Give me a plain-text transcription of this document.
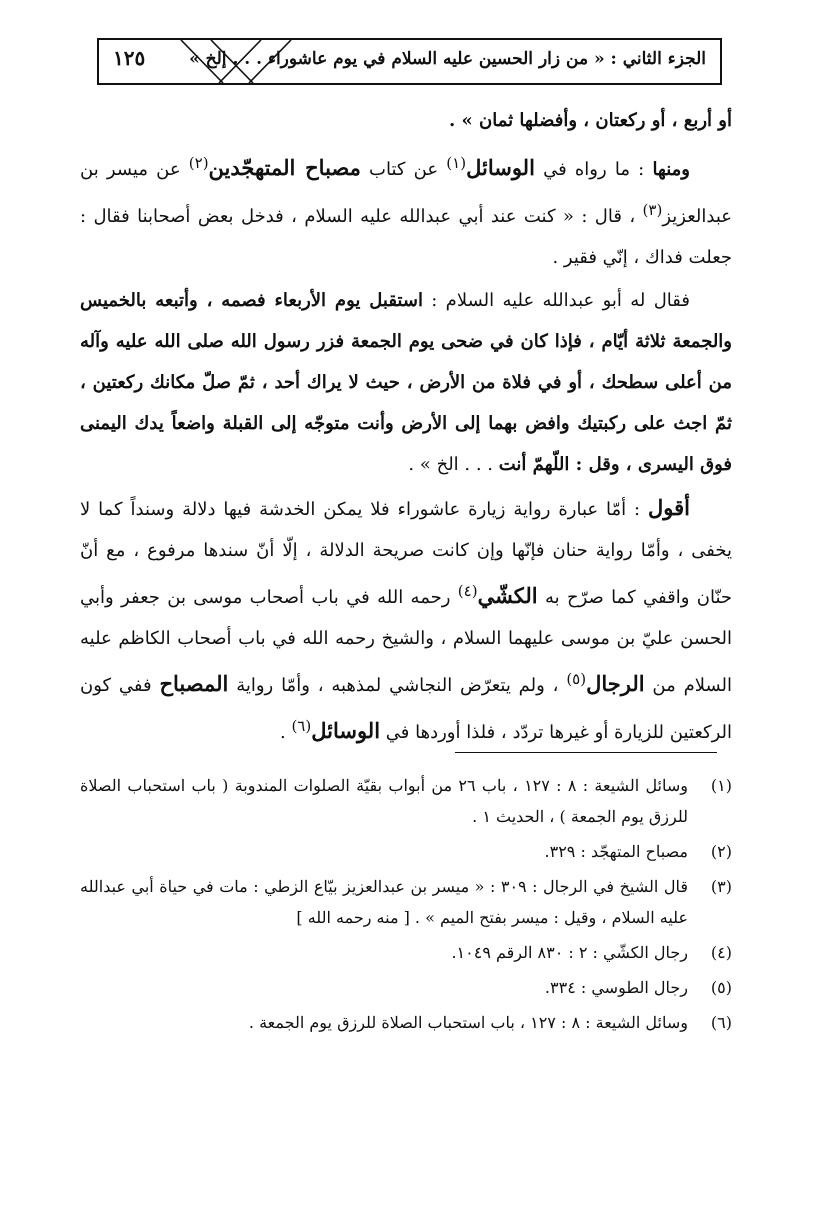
الجزء الثاني : « من زار الحسين عليه السلام في يوم عاشوراء . . . إلخ »
١٢٥

أو أربع ، أو ركعتان ، وأفضلها ثمان » .

ومنها : ما رواه في الوسائل$^{(١)}$ عن كتاب مصباح المتهجّدين$^{(٢)}$ عن ميسر بن عبدالعزيز$^{(٣)}$ ، قال : « كنت عند أبي عبدالله عليه السلام ، فدخل بعض أصحابنا فقال : جعلت فداك ، إنّي فقير .

فقال له أبو عبدالله عليه السلام : استقبل يوم الأربعاء فصمه ، وأتبعه بالخميس والجمعة ثلاثة أيّام ، فإذا كان في ضحى يوم الجمعة فزر رسول الله صلى الله عليه وآله من أعلى سطحك ، أو في فلاة من الأرض ، حيث لا يراك أحد ، ثمّ صلّ مكانك ركعتين ، ثمّ اجث على ركبتيك وافض بهما إلى الأرض وأنت متوجّه إلى القبلة واضعاً يدك اليمنى فوق اليسرى ، وقل : اللّهمّ أنت . . . الخ » .

أقول : أمّا عبارة رواية زيارة عاشوراء فلا يمكن الخدشة فيها دلالة وسنداً كما لا يخفى ، وأمّا رواية حنان فإنّها وإن كانت صريحة الدلالة ، إلّا أنّ سندها مرفوع ، مع أنّ حنّان واقفي كما صرّح به الكشّي$^{(٤)}$ رحمه الله في باب أصحاب موسى بن جعفر وأبي الحسن عليّ بن موسى عليهما السلام ، والشيخ رحمه الله في باب أصحاب الكاظم عليه السلام من الرجال$^{(٥)}$ ، ولم يتعرّض النجاشي لمذهبه ، وأمّا رواية المصباح ففي كون الركعتين للزيارة أو غيرها تردّد ، فلذا أوردها في الوسائل$^{(٦)}$ .

(١)
وسائل الشيعة : ٨ : ١٢٧ ، باب ٢٦ من أبواب بقيّة الصلوات المندوبة ( باب استحباب الصلاة للرزق يوم الجمعة ) ، الحديث ١ .
(٢)
مصباح المتهجّد : ٣٢٩.
(٣)
قال الشيخ في الرجال : ٣٠٩ : « ميسر بن عبدالعزيز بيّاع الزطي : مات في حياة أبي عبدالله عليه السلام ، وقيل : ميسر بفتح الميم » . [ منه رحمه الله ]
(٤)
رجال الكشّي : ٢ : ٨٣٠ الرقم ١٠٤٩.
(٥)
رجال الطوسي : ٣٣٤.
(٦)
وسائل الشيعة : ٨ : ١٢٧ ، باب استحباب الصلاة للرزق يوم الجمعة .
